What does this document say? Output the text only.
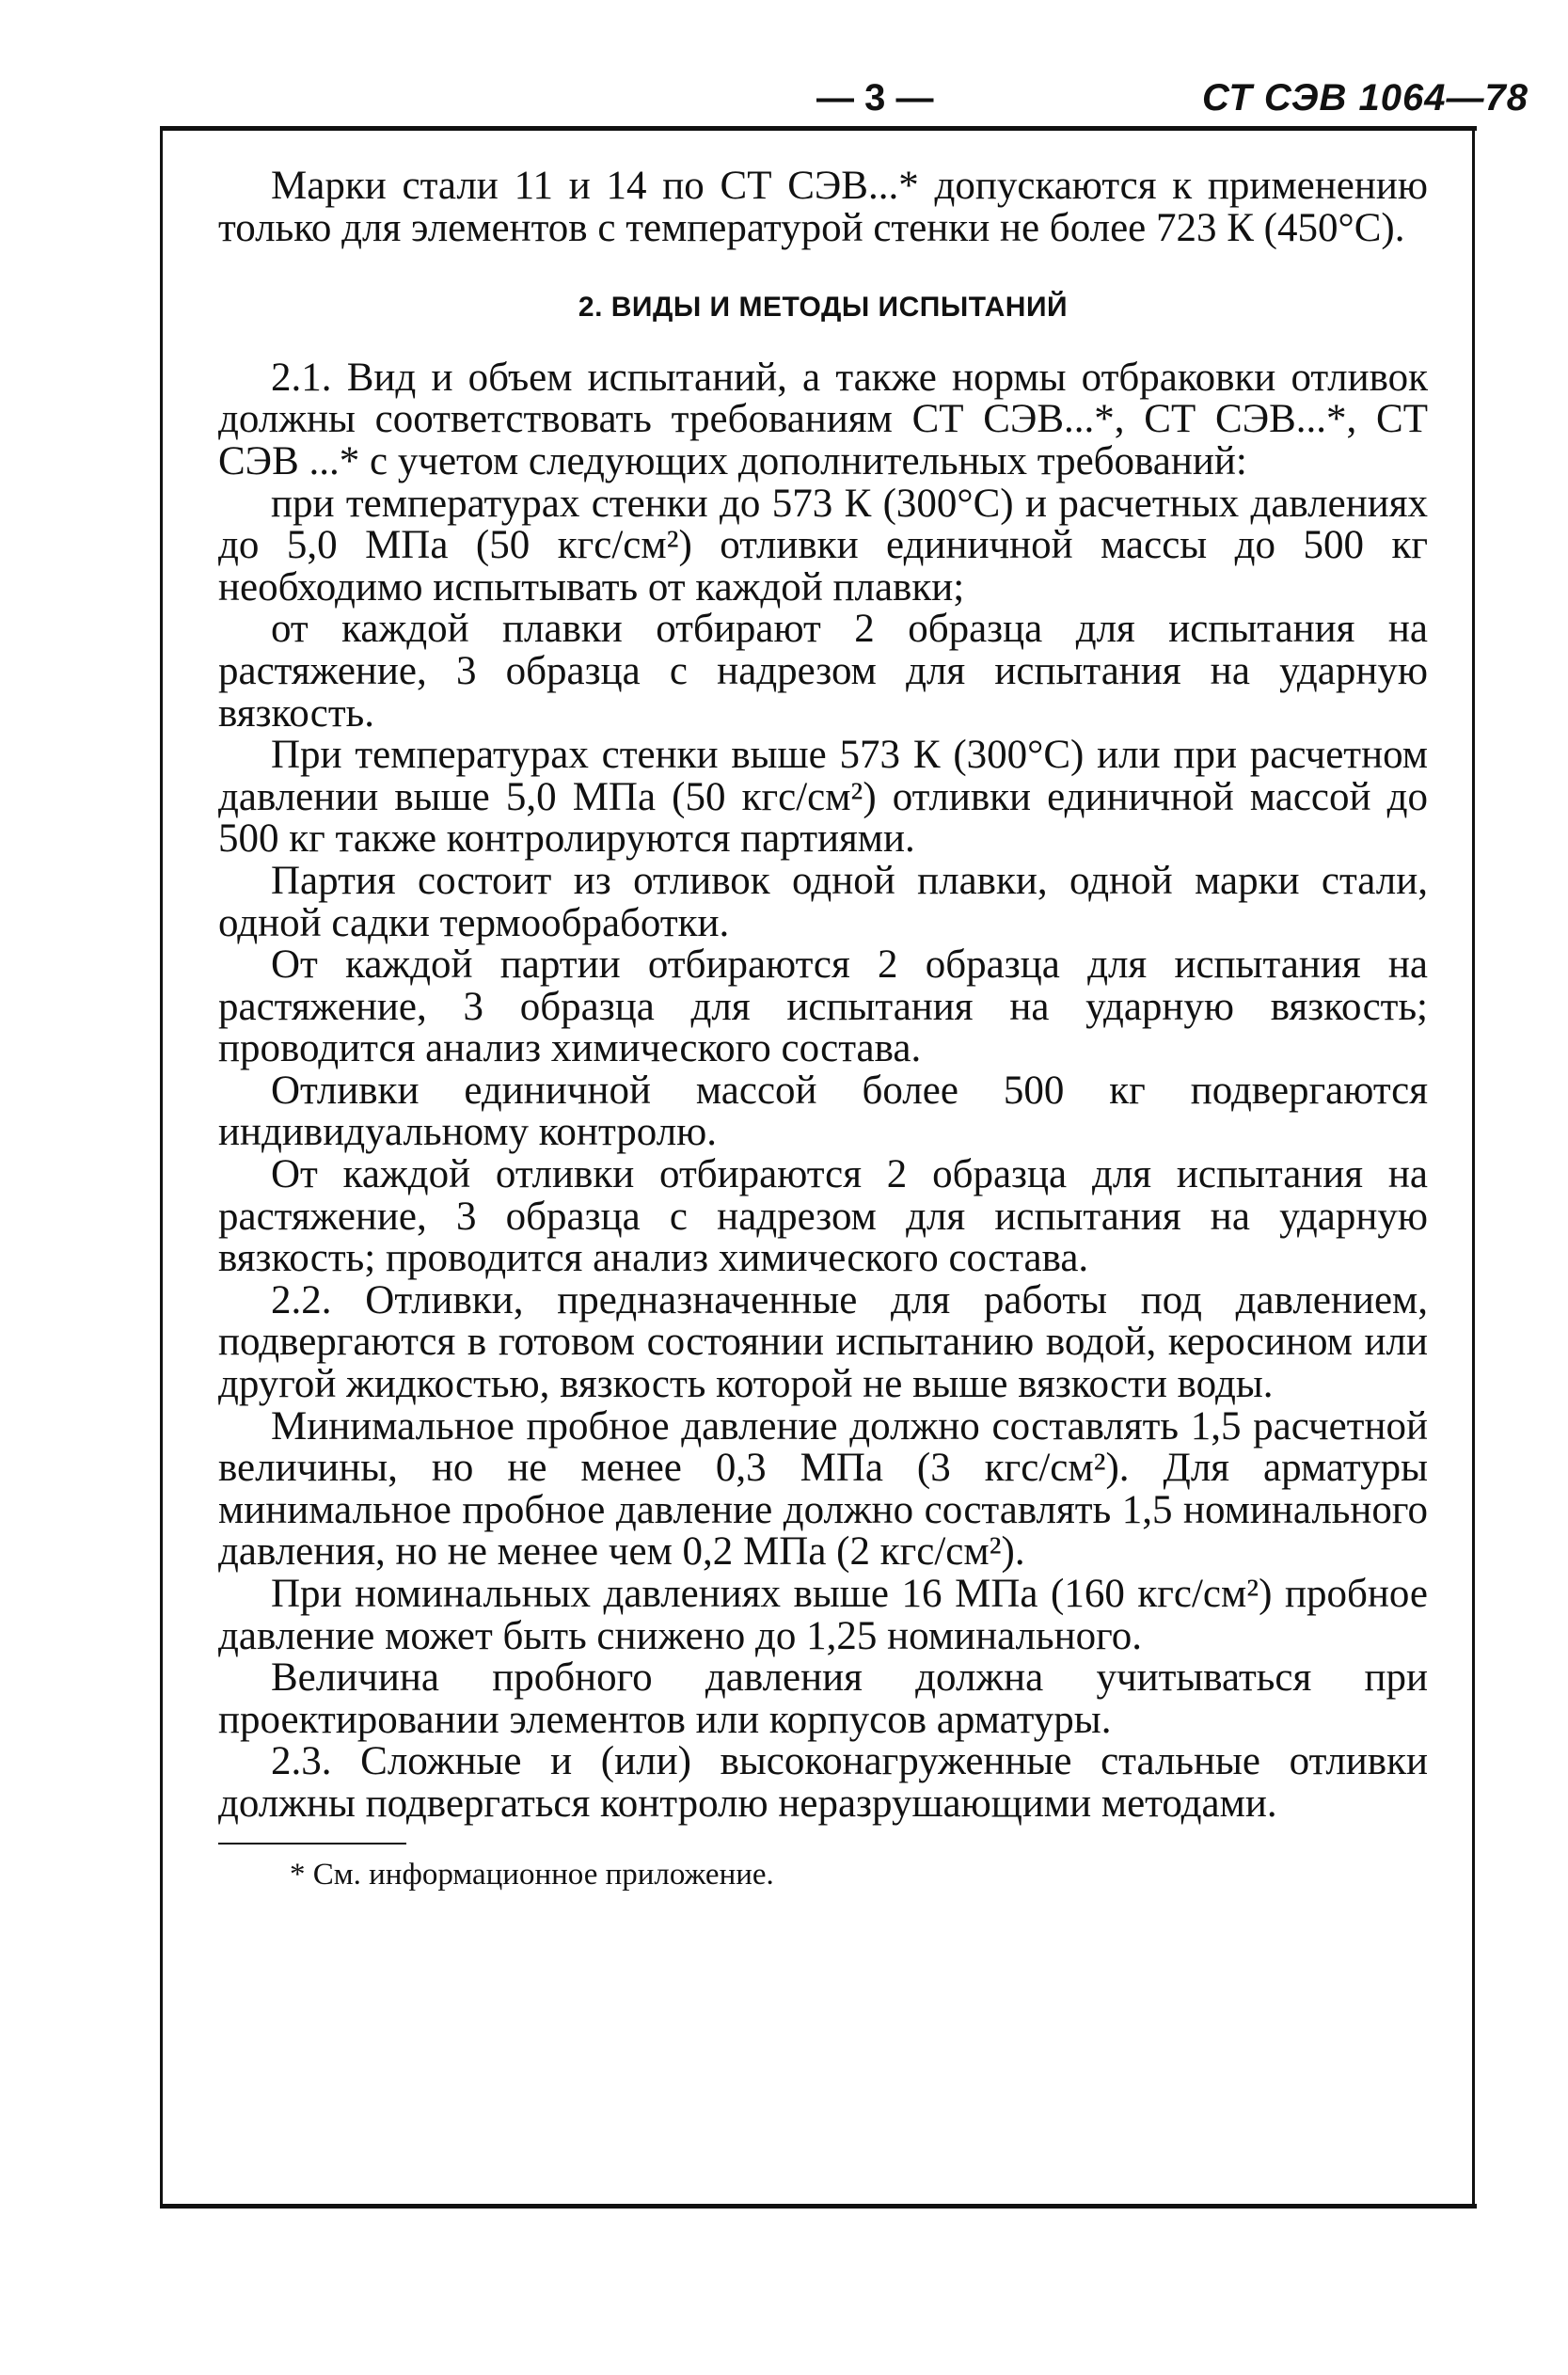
— 3 —	СТ СЭВ 1064—78

Марки стали 11 и 14 по СТ СЭВ...* допускаются к применению только для элементов с температурой стенки не более 723 К (450°С).

2. ВИДЫ И МЕТОДЫ ИСПЫТАНИЙ

2.1. Вид и объем испытаний, а также нормы отбраковки отливок должны соответствовать требованиям СТ СЭВ...*, СТ СЭВ...*, СТ СЭВ ...* с учетом следующих дополнительных требований:

при температурах стенки до 573 К (300°С) и расчетных давлениях до 5,0 МПа (50 кгс/см²) отливки единичной массы до 500 кг необходимо испытывать от каждой плавки;

от каждой плавки отбирают 2 образца для испытания на растяжение, 3 образца с надрезом для испытания на ударную вязкость.

При температурах стенки выше 573 К (300°С) или при расчетном давлении выше 5,0 МПа (50 кгс/см²) отливки единичной массой до 500 кг также контролируются партиями.

Партия состоит из отливок одной плавки, одной марки стали, одной садки термообработки.

От каждой партии отбираются 2 образца для испытания на растяжение, 3 образца для испытания на ударную вязкость; проводится анализ химического состава.

Отливки единичной массой более 500 кг подвергаются индивидуальному контролю.

От каждой отливки отбираются 2 образца для испытания на растяжение, 3 образца с надрезом для испытания на ударную вязкость; проводится анализ химического состава.

2.2. Отливки, предназначенные для работы под давлением, подвергаются в готовом состоянии испытанию водой, керосином или другой жидкостью, вязкость которой не выше вязкости воды.

Минимальное пробное давление должно составлять 1,5 расчетной величины, но не менее 0,3 МПа (3 кгс/см²). Для арматуры минимальное пробное давление должно составлять 1,5 номинального давления, но не менее чем 0,2 МПа (2 кгс/см²).

При номинальных давлениях выше 16 МПа (160 кгс/см²) пробное давление может быть снижено до 1,25 номинального.

Величина пробного давления должна учитываться при проектировании элементов или корпусов арматуры.

2.3. Сложные и (или) высоконагруженные стальные отливки должны подвергаться контролю неразрушающими методами.

* См. информационное приложение.
